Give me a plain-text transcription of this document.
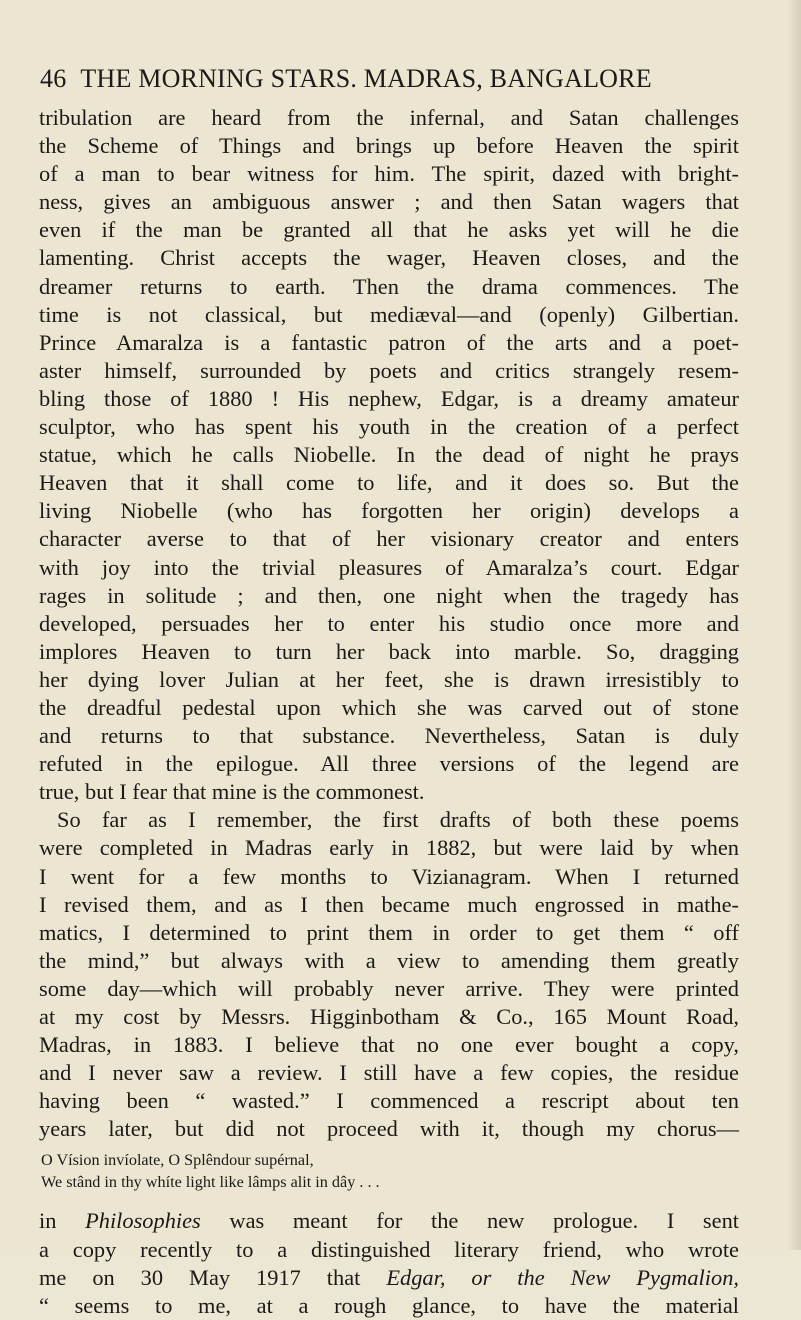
46 THE MORNING STARS. MADRAS, BANGALORE
tribulation are heard from the infernal, and Satan challenges
the Scheme of Things and brings up before Heaven the spirit
of a man to bear witness for him. The spirit, dazed with bright-
ness, gives an ambiguous answer ; and then Satan wagers that
even if the man be granted all that he asks yet will he die
lamenting. Christ accepts the wager, Heaven closes, and the
dreamer returns to earth. Then the drama commences. The
time is not classical, but mediæval—and (openly) Gilbertian.
Prince Amaralza is a fantastic patron of the arts and a poet-
aster himself, surrounded by poets and critics strangely resem-
bling those of 1880 ! His nephew, Edgar, is a dreamy amateur
sculptor, who has spent his youth in the creation of a perfect
statue, which he calls Niobelle. In the dead of night he prays
Heaven that it shall come to life, and it does so. But the
living Niobelle (who has forgotten her origin) develops a
character averse to that of her visionary creator and enters
with joy into the trivial pleasures of Amaralza’s court. Edgar
rages in solitude ; and then, one night when the tragedy has
developed, persuades her to enter his studio once more and
implores Heaven to turn her back into marble. So, dragging
her dying lover Julian at her feet, she is drawn irresistibly to
the dreadful pedestal upon which she was carved out of stone
and returns to that substance. Nevertheless, Satan is duly
refuted in the epilogue. All three versions of the legend are
true, but I fear that mine is the commonest.
So far as I remember, the first drafts of both these poems
were completed in Madras early in 1882, but were laid by when
I went for a few months to Vizianagram. When I returned
I revised them, and as I then became much engrossed in mathe-
matics, I determined to print them in order to get them “ off
the mind,” but always with a view to amending them greatly
some day—which will probably never arrive. They were printed
at my cost by Messrs. Higginbotham & Co., 165 Mount Road,
Madras, in 1883. I believe that no one ever bought a copy,
and I never saw a review. I still have a few copies, the residue
having been “ wasted.” I commenced a rescript about ten
years later, but did not proceed with it, though my chorus—
O Vísion invíolate, O Splêndour supérnal,
We stând in thy whíte light like lâmps alit in dây . . .
in Philosophies was meant for the new prologue. I sent
a copy recently to a distinguished literary friend, who wrote
me on 30 May 1917 that Edgar, or the New Pygmalion,
“ seems to me, at a rough glance, to have the material
